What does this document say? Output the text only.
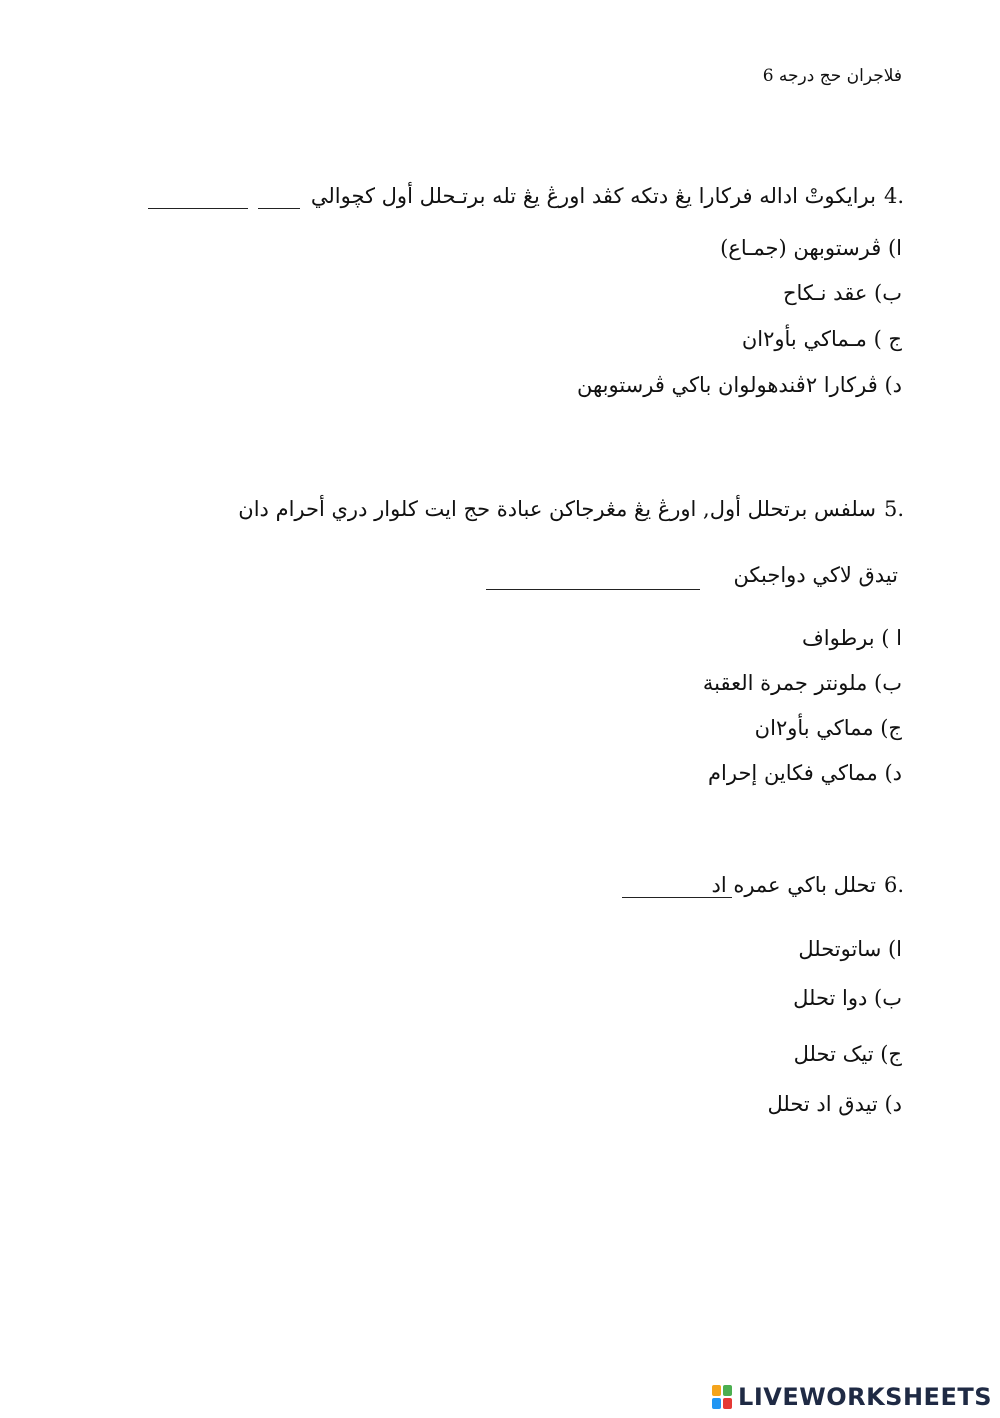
فلاجران حج درجه 6
4.
برايکوتْ اداله فرکارا يڠ دتکه کڤد اورڠ يڠ تله برتـحلل أول کچوالي
ا) ڤرستوبهن (جمـاع)
ب) عقد نـکاح
ج ) مـماکي بأو٢ان
د) ڤرکارا ٢ڤندهولوان باکي ڤرستوبهن
5.
سلفس برتحلل أول, اورڠ يڠ مڠرجاکن عبادة حج ايت کلوار دري أحرام دان
تيدق لاکي دواجبکن
ا ) برطواف
ب) ملونتر جمرة العقبة
ج) مماکي بأو٢ان
د) مماکي فکاين إحرام
6.
تحلل باکي عمره اد
ا) ساتوتحلل
ب) دوا تحلل
ج) تيک تحلل
د) تيدق اد تحلل
LIVEWORKSHEETS
